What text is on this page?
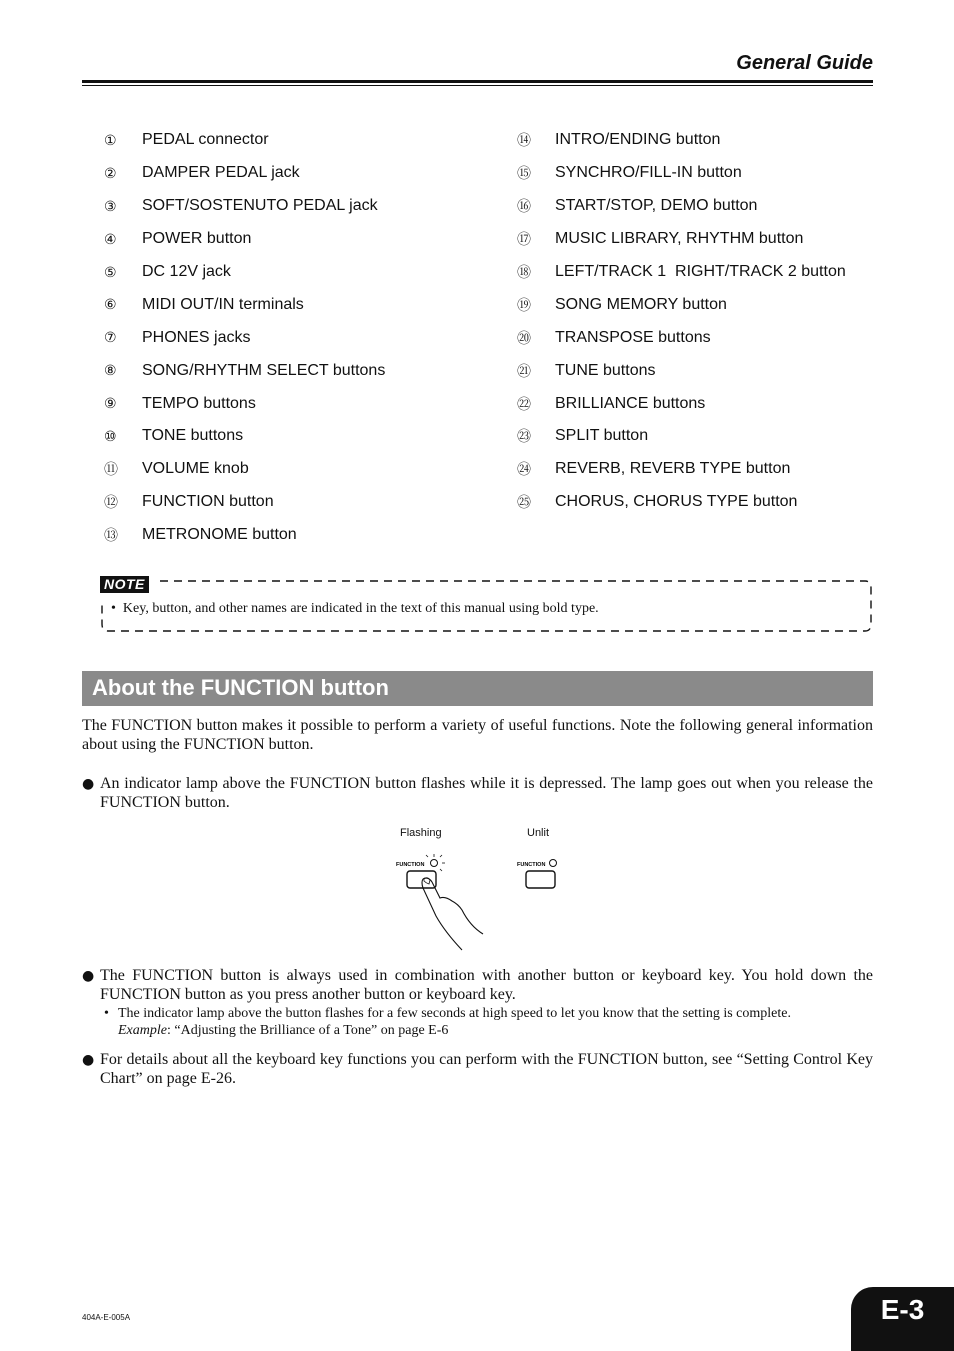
General Guide
①	PEDAL connector
②	DAMPER PEDAL jack
③	SOFT/SOSTENUTO PEDAL jack
④	POWER button
⑤	DC 12V jack
⑥	MIDI OUT/IN terminals
⑦	PHONES jacks
⑧	SONG/RHYTHM SELECT buttons
⑨	TEMPO buttons
⑩	TONE buttons
⑪	VOLUME knob
⑫	FUNCTION button
⑬	METRONOME button
⑭	INTRO/ENDING button
⑮	SYNCHRO/FILL-IN button
⑯	START/STOP, DEMO button
⑰	MUSIC LIBRARY, RHYTHM button
⑱	LEFT/TRACK 1  RIGHT/TRACK 2 button
⑲	SONG MEMORY button
⑳	TRANSPOSE buttons
㉑	TUNE buttons
㉒	BRILLIANCE buttons
㉓	SPLIT button
㉔	REVERB, REVERB TYPE button
㉕	CHORUS, CHORUS TYPE button
NOTE
• Key, button, and other names are indicated in the text of this manual using bold type.
About the FUNCTION button
The FUNCTION button makes it possible to perform a variety of useful functions. Note the following general information about using the FUNCTION button.
● An indicator lamp above the FUNCTION button flashes while it is depressed. The lamp goes out when you release the FUNCTION button.
Flashing	Unlit
FUNCTION	FUNCTION
● The FUNCTION button is always used in combination with another button or keyboard key. You hold down the FUNCTION button as you press another button or keyboard key.
• The indicator lamp above the button flashes for a few seconds at high speed to let you know that the setting is complete.
Example: “Adjusting the Brilliance of a Tone” on page E-6
● For details about all the keyboard key functions you can perform with the FUNCTION button, see “Setting Control Key Chart” on page E-26.
404A-E-005A	E-3
